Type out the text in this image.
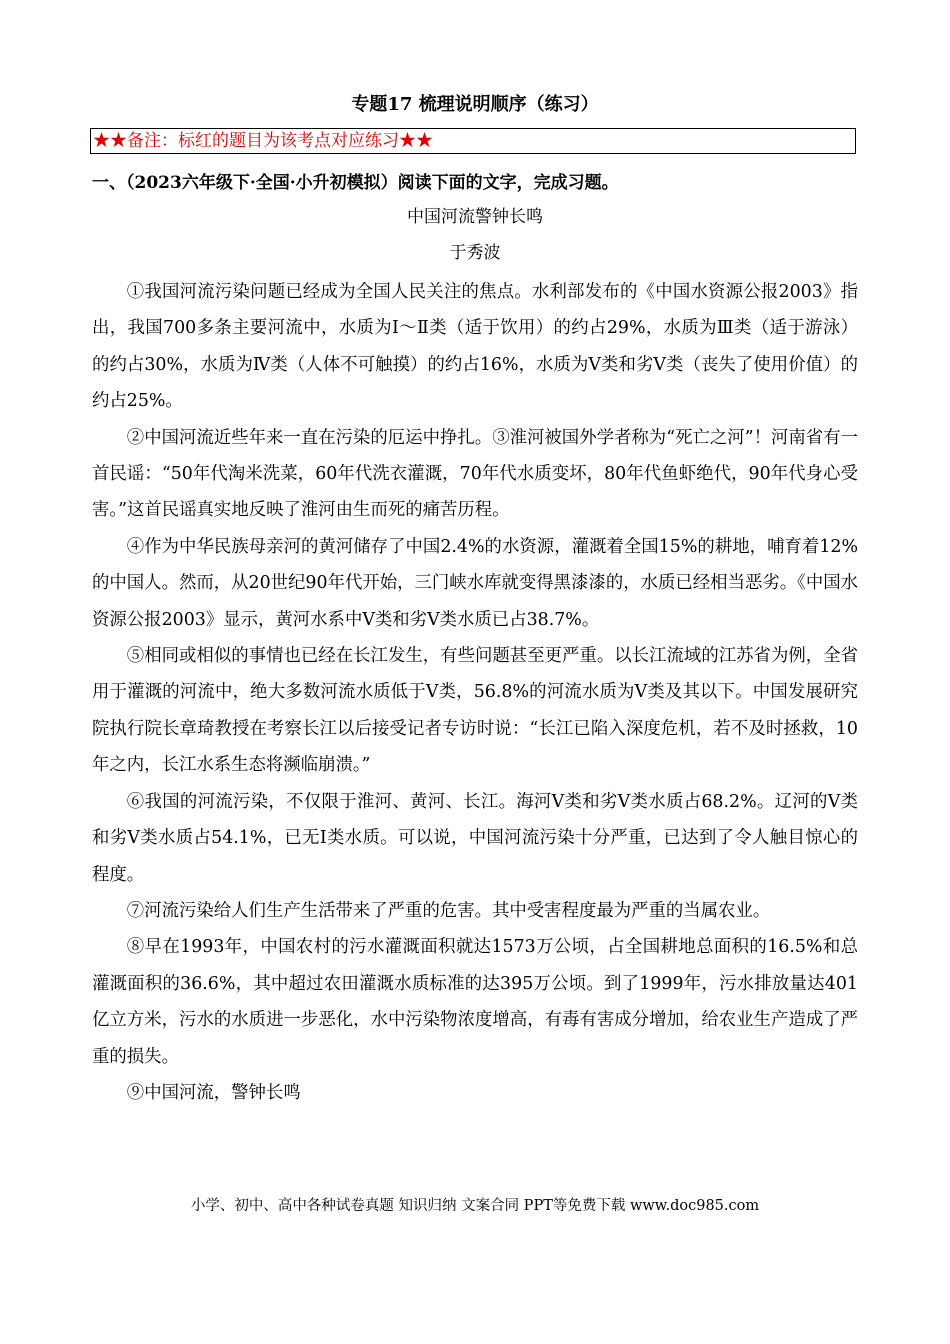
专题17 梳理说明顺序（练习）
★★备注：标红的题目为该考点对应练习★★
一、（2023六年级下·全国·小升初模拟）阅读下面的文字，完成习题。
中国河流警钟长鸣
于秀波

①我国河流污染问题已经成为全国人民关注的焦点。水利部发布的《中国水资源公报2003》指出，我国700多条主要河流中，水质为Ⅰ～Ⅱ类（适于饮用）的约占29%，水质为Ⅲ类（适于游泳）的约占30%，水质为Ⅳ类（人体不可触摸）的约占16%，水质为Ⅴ类和劣Ⅴ类（丧失了使用价值）的约占25%。

②中国河流近些年来一直在污染的厄运中挣扎。③淮河被国外学者称为“死亡之河”！河南省有一首民谣：“50年代淘米洗菜，60年代洗衣灌溉，70年代水质变坏，80年代鱼虾绝代，90年代身心受害。”这首民谣真实地反映了淮河由生而死的痛苦历程。

④作为中华民族母亲河的黄河储存了中国2.4%的水资源，灌溉着全国15%的耕地，哺育着12%的中国人。然而，从20世纪90年代开始，三门峡水库就变得黑漆漆的，水质已经相当恶劣。《中国水资源公报2003》显示，黄河水系中Ⅴ类和劣Ⅴ类水质已占38.7%。

⑤相同或相似的事情也已经在长江发生，有些问题甚至更严重。以长江流域的江苏省为例，全省用于灌溉的河流中，绝大多数河流水质低于Ⅴ类，56.8%的河流水质为Ⅴ类及其以下。中国发展研究院执行院长章琦教授在考察长江以后接受记者专访时说：“长江已陷入深度危机，若不及时拯救，10年之内，长江水系生态将濒临崩溃。”

⑥我国的河流污染，不仅限于淮河、黄河、长江。海河Ⅴ类和劣Ⅴ类水质占68.2%。辽河的Ⅴ类和劣Ⅴ类水质占54.1%，已无Ⅰ类水质。可以说，中国河流污染十分严重，已达到了令人触目惊心的程度。

⑦河流污染给人们生产生活带来了严重的危害。其中受害程度最为严重的当属农业。

⑧早在1993年，中国农村的污水灌溉面积就达1573万公顷，占全国耕地总面积的16.5%和总灌溉面积的36.6%，其中超过农田灌溉水质标准的达395万公顷。到了1999年，污水排放量达401亿立方米，污水的水质进一步恶化，水中污染物浓度增高，有毒有害成分增加，给农业生产造成了严重的损失。

⑨中国河流，警钟长鸣

小学、初中、高中各种试卷真题 知识归纳 文案合同 PPT等免费下载 www.doc985.com
